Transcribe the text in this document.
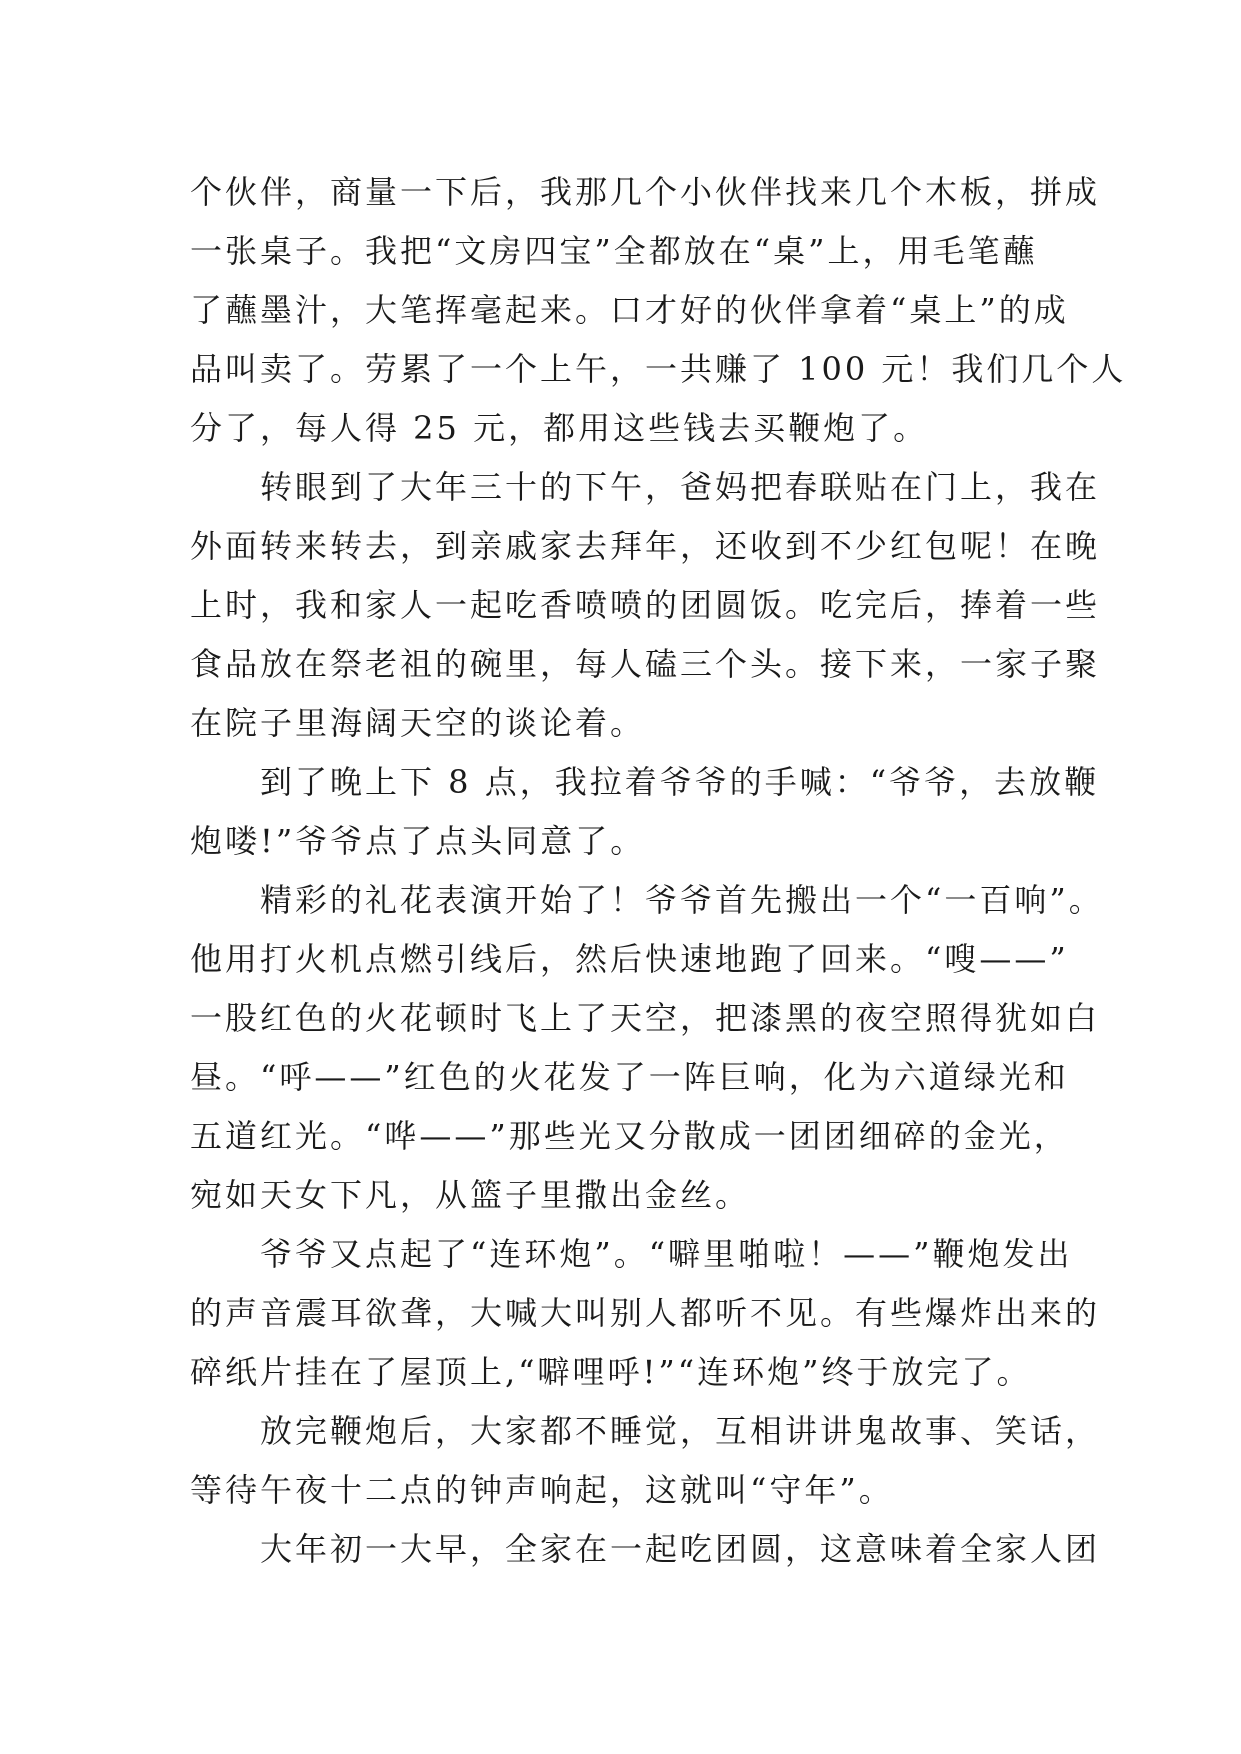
个伙伴，商量一下后，我那几个小伙伴找来几个木板，拼成
一张桌子。我把“文房四宝”全都放在“桌”上，用毛笔蘸
了蘸墨汁，大笔挥毫起来。口才好的伙伴拿着“桌上”的成
品叫卖了。劳累了一个上午，一共赚了 100 元！我们几个人
分了，每人得 25 元，都用这些钱去买鞭炮了。
　　转眼到了大年三十的下午，爸妈把春联贴在门上，我在
外面转来转去，到亲戚家去拜年，还收到不少红包呢！在晚
上时，我和家人一起吃香喷喷的团圆饭。吃完后，捧着一些
食品放在祭老祖的碗里，每人磕三个头。接下来，一家子聚
在院子里海阔天空的谈论着。
　　到了晚上下 8 点，我拉着爷爷的手喊：“爷爷，去放鞭
炮喽!”爷爷点了点头同意了。
　　精彩的礼花表演开始了！爷爷首先搬出一个“一百响”。
他用打火机点燃引线后，然后快速地跑了回来。“嗖——”
一股红色的火花顿时飞上了天空，把漆黑的夜空照得犹如白
昼。“呼——”红色的火花发了一阵巨响，化为六道绿光和
五道红光。“哗——”那些光又分散成一团团细碎的金光，
宛如天女下凡，从篮子里撒出金丝。
　　爷爷又点起了“连环炮”。“噼里啪啦！——”鞭炮发出
的声音震耳欲聋，大喊大叫别人都听不见。有些爆炸出来的
碎纸片挂在了屋顶上,“噼哩呼!”“连环炮”终于放完了。
　　放完鞭炮后，大家都不睡觉，互相讲讲鬼故事、笑话，
等待午夜十二点的钟声响起，这就叫“守年”。
　　大年初一大早，全家在一起吃团圆，这意味着全家人团
